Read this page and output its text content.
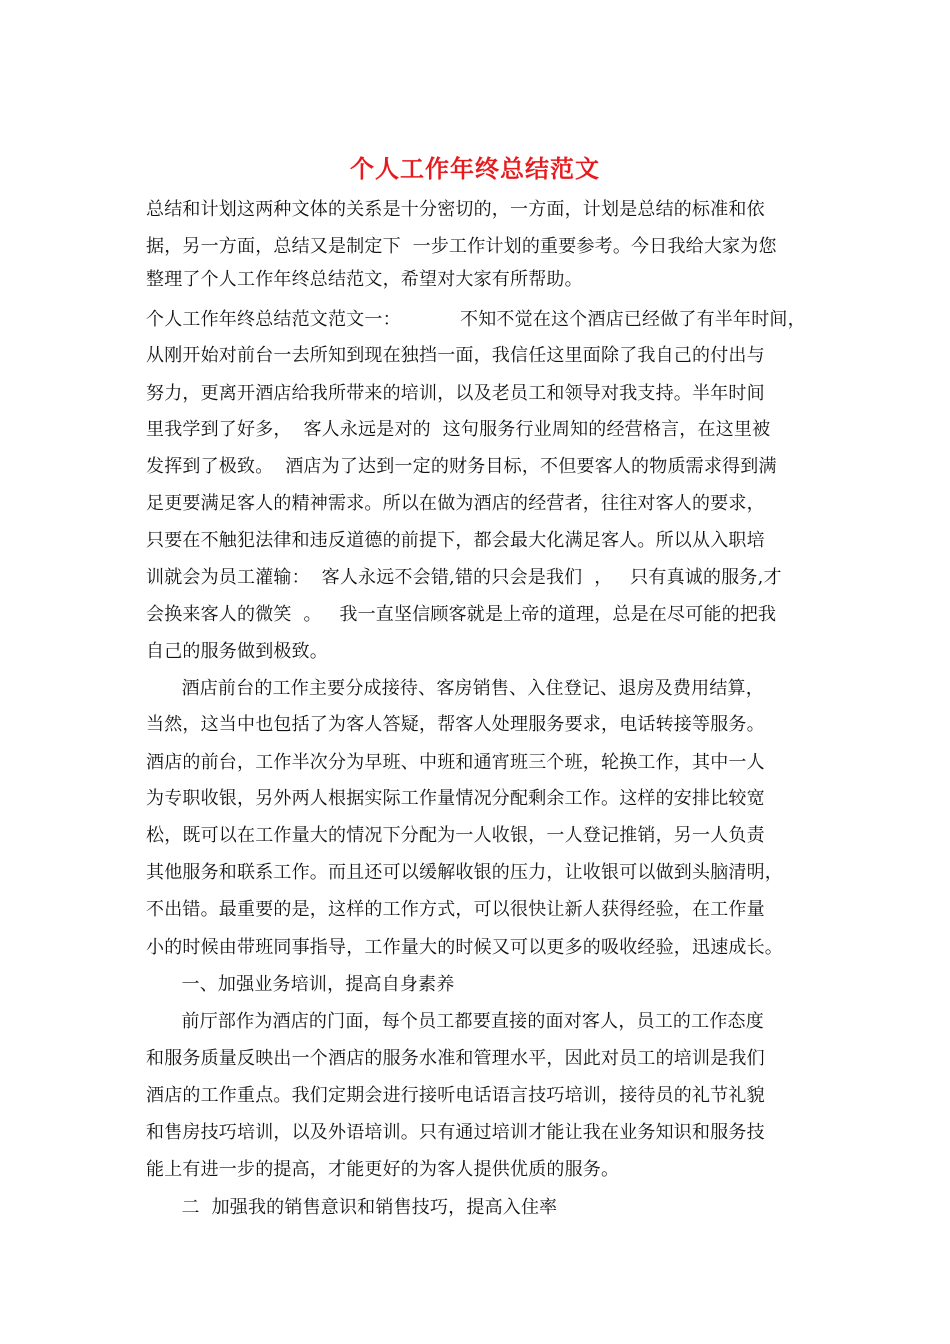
个人工作年终总结范文
总结和计划这两种文体的关系是十分密切的，一方面，计划是总结的标准和依
据，另一方面，总结又是制定下  一步工作计划的重要参考。今日我给大家为您
整理了个人工作年终总结范文，希望对大家有所帮助。
个人工作年终总结范文范文一：          不知不觉在这个酒店已经做了有半年时间，
从刚开始对前台一去所知到现在独挡一面，我信任这里面除了我自己的付出与
努力，更离开酒店给我所带来的培训，以及老员工和领导对我支持。半年时间
里我学到了好多，  客人永远是对的  这句服务行业周知的经营格言，在这里被
发挥到了极致。  酒店为了达到一定的财务目标，不但要客人的物质需求得到满
足更要满足客人的精神需求。所以在做为酒店的经营者，往往对客人的要求，
只要在不触犯法律和违反道德的前提下，都会最大化满足客人。所以从入职培
训就会为员工灌输：  客人永远不会错,错的只会是我们  ，   只有真诚的服务,才
会换来客人的微笑  。   我一直坚信顾客就是上帝的道理，总是在尽可能的把我
自己的服务做到极致。
酒店前台的工作主要分成接待、客房销售、入住登记、退房及费用结算，
当然，这当中也包括了为客人答疑，帮客人处理服务要求，电话转接等服务。
酒店的前台，工作半次分为早班、中班和通宵班三个班，轮换工作，其中一人
为专职收银，另外两人根据实际工作量情况分配剩余工作。这样的安排比较宽
松，既可以在工作量大的情况下分配为一人收银，一人登记推销，另一人负责
其他服务和联系工作。而且还可以缓解收银的压力，让收银可以做到头脑清明，
不出错。最重要的是，这样的工作方式，可以很快让新人获得经验，在工作量
小的时候由带班同事指导，工作量大的时候又可以更多的吸收经验，迅速成长。
一、加强业务培训，提高自身素养
前厅部作为酒店的门面，每个员工都要直接的面对客人，员工的工作态度
和服务质量反映出一个酒店的服务水准和管理水平，因此对员工的培训是我们
酒店的工作重点。我们定期会进行接听电话语言技巧培训，接待员的礼节礼貌
和售房技巧培训，以及外语培训。只有通过培训才能让我在业务知识和服务技
能上有进一步的提高，才能更好的为客人提供优质的服务。
二  加强我的销售意识和销售技巧，提高入住率
